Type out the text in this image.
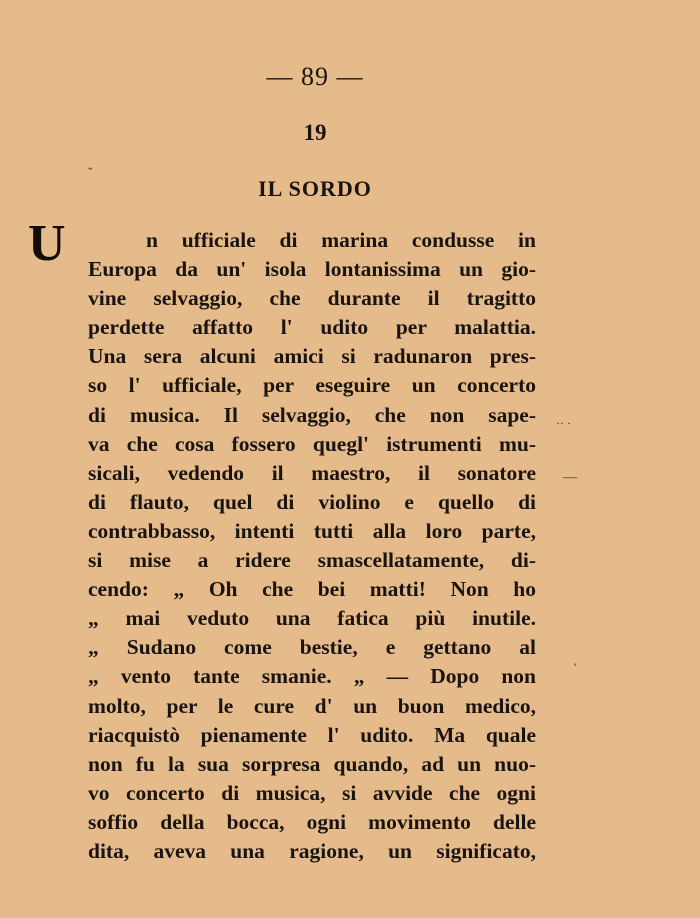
— 89 —
19
IL SORDO
U	n ufficiale di marina condusse in
Europa da un' isola lontanissima un gio-
vine selvaggio, che durante il tragitto
perdette affatto l' udito per malattia.
Una sera alcuni amici si radunaron pres-
so l' ufficiale, per eseguire un concerto
di musica. Il selvaggio, che non sape-
va che cosa fossero quegl' istrumenti mu-
sicali, vedendo il maestro, il sonatore
di flauto, quel di violino e quello di
contrabbasso, intenti tutti alla loro parte,
si mise a ridere smascellatamente, di-
cendo: „ Oh che bei matti! Non ho
„ mai veduto una fatica più inutile.
„ Sudano come bestie, e gettano al
„ vento tante smanie. „ — Dopo non
molto, per le cure d' un buon medico,
riacquistò pienamente l' udito. Ma quale
non fu la sua sorpresa quando, ad un nuo-
vo concerto di musica, si avvide che ogni
soffio della bocca, ogni movimento delle
dita, aveva una ragione, un significato,
ˇ
·· ·
—
'
